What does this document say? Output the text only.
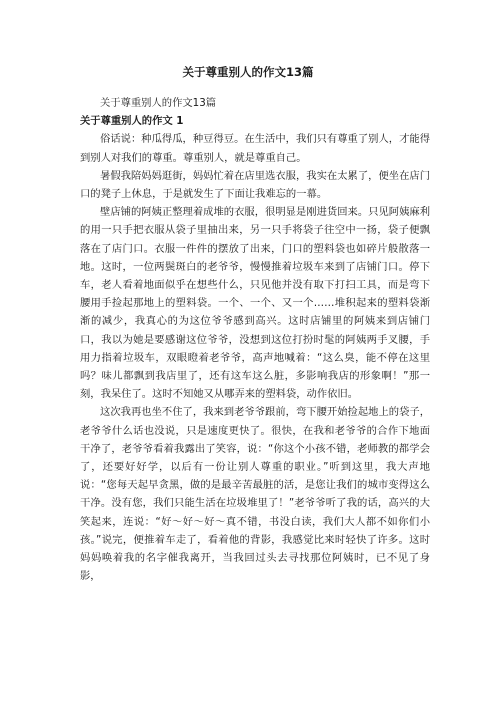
关于尊重别人的作文13篇

关于尊重别人的作文13篇

关于尊重别人的作文 1

俗话说：种瓜得瓜，种豆得豆。在生活中，我们只有尊重了别人，才能得到别人对我们的尊重。尊重别人，就是尊重自己。

暑假我陪妈妈逛街，妈妈忙着在店里选衣服，我实在太累了，便坐在店门口的凳子上休息，于是就发生了下面让我难忘的一幕。

壁店铺的阿姨正整理着成堆的衣服，很明显是刚进货回来。只见阿姨麻利的用一只手把衣服从袋子里抽出来，另一只手将袋子往空中一扬，袋子便飘落在了店门口。衣服一件件的摆放了出来，门口的塑料袋也如碎片般散落一地。这时，一位两鬓斑白的老爷爷，慢慢推着垃圾车来到了店铺门口。停下车，老人看着地面似乎在想些什么，只见他并没有取下打扫工具，而是弯下腰用手捡起那地上的塑料袋。一个、一个、又一个……堆积起来的塑料袋渐渐的减少，我真心的为这位爷爷感到高兴。这时店铺里的阿姨来到店铺门口，我以为她是要感谢这位爷爷，没想到这位打扮时髦的阿姨两手叉腰，手用力指着垃圾车，双眼瞪着老爷爷，高声地喊着：“这么臭，能不停在这里吗？味儿都飘到我店里了，还有这车这么脏，多影响我店的形象啊！”那一刻，我呆住了。这时不知她又从哪弄来的塑料袋，动作依旧。

这次我再也坐不住了，我来到老爷爷跟前，弯下腰开始捡起地上的袋子，老爷爷什么话也没说，只是速度更快了。很快，在我和老爷爷的合作下地面干净了，老爷爷看着我露出了笑容，说：“你这个小孩不错，老师教的都学会了，还要好好学，以后有一份让别人尊重的职业。”听到这里，我大声地说：“您每天起早贪黑，做的是最辛苦最脏的活，是您让我们的城市变得这么干净。没有您，我们只能生活在垃圾堆里了！”老爷爷听了我的话，高兴的大笑起来，连说：“好～好～好～真不错，书没白读，我们大人都不如你们小孩。”说完，便推着车走了，看着他的背影，我感觉比来时轻快了许多。这时妈妈唤着我的名字催我离开，当我回过头去寻找那位阿姨时，已不见了身影，
